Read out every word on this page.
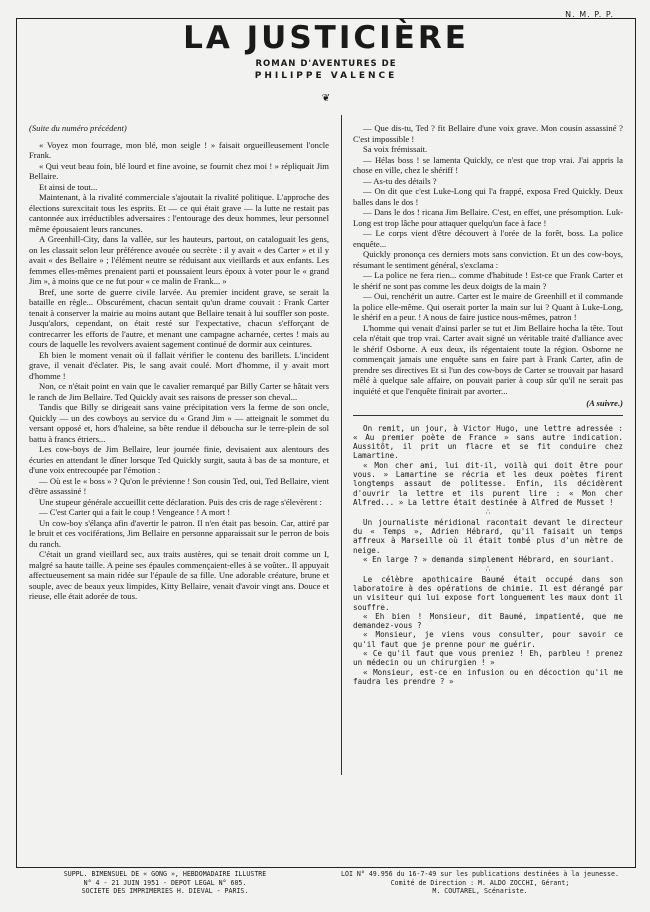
N. M. P. P.
LA JUSTICIÈRE
ROMAN D'AVENTURES DE
PHILIPPE VALENCE
❦

(Suite du numéro précédent)

« Voyez mon fourrage, mon blé, mon seigle ! » faisait orgueilleusement l'oncle Frank.

« Qui veut beau foin, blé lourd et fine avoine, se fournit chez moi ! » répliquait Jim Bellaire.

Et ainsi de tout...

Maintenant, à la rivalité commerciale s'ajoutait la rivalité politique. L'approche des élections surexcitait tous les esprits. Et — ce qui était grave — la lutte ne restait pas cantonnée aux irréductibles adversaires : l'entourage des deux hommes, leur personnel même épousaient leurs rancunes.

A Greenhill-City, dans la vallée, sur les hauteurs, partout, on cataloguait les gens, on les classait selon leur préférence avouée ou secrète : il y avait « des Carter » et il y avait « des Bellaire » ; l'élément neutre se réduisant aux vieillards et aux enfants. Les femmes elles-mêmes prenaient parti et poussaient leurs époux à voter pour le « grand Jim », à moins que ce ne fut pour « ce malin de Frank... »

Bref, une sorte de guerre civile larvée. Au premier incident grave, se serait la bataille en règle... Obscurément, chacun sentait qu'un drame couvait : Frank Carter tenait à conserver la mairie au moins autant que Bellaire tenait à lui souffler son poste. Jusqu'alors, cependant, on était resté sur l'expectative, chacun s'efforçant de contrecarrer les efforts de l'autre, et menant une campagne acharnée, certes ! mais au cours de laquelle les revolvers avaient sagement continué de dormir aux ceintures.

Eh bien le moment venait où il fallait vérifier le contenu des barillets. L'incident grave, il venait d'éclater. Pis, le sang avait coulé. Mort d'homme, il y avait mort d'homme !

Non, ce n'était point en vain que le cavalier remarqué par Billy Carter se hâtait vers le ranch de Jim Bellaire. Ted Quickly avait ses raisons de presser son cheval...

Tandis que Billy se dirigeait sans vaine précipitation vers la ferme de son oncle, Quickly — un des cowboys au service du « Grand Jim » — atteignait le sommet du versant opposé et, hors d'haleine, sa bête rendue il déboucha sur le terre-plein de sol battu à francs étriers...

Les cow-boys de Jim Bellaire, leur journée finie, devisaient aux alentours des écuries en attendant le dîner lorsque Ted Quickly surgit, sauta à bas de sa monture, et d'une voix entrecoupée par l'émotion :

— Où est le « boss » ? Qu'on le prévienne ! Son cousin Ted, oui, Ted Bellaire, vient d'être assassiné !

Une stupeur générale accueillit cette déclaration. Puis des cris de rage s'élevèrent :

— C'est Carter qui a fait le coup ! Vengeance ! A mort !

Un cow-boy s'élança afin d'avertir le patron. Il n'en était pas besoin. Car, attiré par le bruit et ces vociférations, Jim Bellaire en personne apparaissait sur le perron de bois du ranch.

C'était un grand vieillard sec, aux traits austères, qui se tenait droit comme un I, malgré sa haute taille. A peine ses épaules commençaient-elles à se voûter.. Il appuyait affectueusement sa main ridée sur l'épaule de sa fille. Une adorable créature, brune et souple, avec de beaux yeux limpides, Kitty Bellaire, venait d'avoir vingt ans. Douce et rieuse, elle était adorée de tous.

— Que dis-tu, Ted ? fit Bellaire d'une voix grave. Mon cousin assassiné ? C'est impossible !

Sa voix frémissait.

— Hélas boss ! se lamenta Quickly, ce n'est que trop vrai. J'ai appris la chose en ville, chez le shériff !

— As-tu des détails ?

— On dit que c'est Luke-Long qui l'a frappé, exposa Fred Quickly. Deux balles dans le dos !

— Dans le dos ! ricana Jim Bellaire. C'est, en effet, une présomption. Luk-Long est trop lâche pour attaquer quelqu'un face à face !

— Le corps vient d'être découvert à l'orée de la forêt, boss. La police enquête...

Quickly prononça ces derniers mots sans conviction. Et un des cow-boys, résumant le sentiment général, s'exclama :

— La police ne fera rien... comme d'habitude ! Est-ce que Frank Carter et le shérif ne sont pas comme les deux doigts de la main ?

— Oui, renchérit un autre. Carter est le maire de Greenhill et il commande la police elle-même. Qui oserait porter la main sur lui ? Quant à Luke-Long, le shérif en a peur. ! A nous de faire justice nous-mêmes, patron !

L'homme qui venait d'ainsi parler se tut et Jim Bellaire hocha la tête. Tout cela n'était que trop vrai. Carter avait signé un véritable traité d'alliance avec le shérif Osborne. A eux deux, ils régentaient toute la région. Osborne ne commençait jamais une enquête sans en faire part à Frank Carter, afin de prendre ses directives Et si l'un des cow-boys de Carter se trouvait par hasard mêlé à quelque sale affaire, on pouvait parier à coup sûr qu'il ne serait pas inquiété et que l'enquête finirait par avorter...

(A suivre.)

On remit, un jour, à Victor Hugo, une lettre adressée : « Au premier poète de France » sans autre indication. Aussitôt, il prit un flacre et se fit conduire chez Lamartine.

« Mon cher ami, lui dit-il, voilà qui doit être pour vous. » Lamartine se récria et les deux poètes firent longtemps assaut de politesse. Enfin, ils décidèrent d'ouvrir la lettre et ils purent lire : « Mon cher Alfred... » La lettre était destinée à Alfred de Musset !

∴

Un journaliste méridional racontait devant le directeur du « Temps », Adrien Hébrard, qu'il faisait un temps affreux à Marseille où il était tombé plus d'un mètre de neige.

« En large ? » demanda simplement Hébrard, en souriant.

∴

Le célèbre apothicaire Baumé était occupé dans son laboratoire à des opérations de chimie. Il est dérangé par un visiteur qui lui expose fort longuement les maux dont il souffre.

« Eh bien ! Monsieur, dit Baumé, impatienté, que me demandez-vous ?

« Monsieur, je viens vous consulter, pour savoir ce qu'il faut que je prenne pour me guérir.

« Ce qu'il faut que vous preniez ! Eh, parbleu ! prenez un médecin ou un chirurgien ! »

« Monsieur, est-ce en infusion ou en décoction qu'il me faudra les prendre ? »

SUPPL. BIMENSUEL DE « GONG », HEBDOMADAIRE ILLUSTRE
N° 4 - 21 JUIN 1951 - DEPOT LEGAL N° 605.
SOCIETE DES IMPRIMERIES H. DIEVAL - PARIS.
LOI N° 49.956 du 16-7-49 sur les publications destinées à la jeunesse.
Comité de Direction : M. ALDO ZOCCHI, Gérant;
M. COUTAREL, Scénariste.
